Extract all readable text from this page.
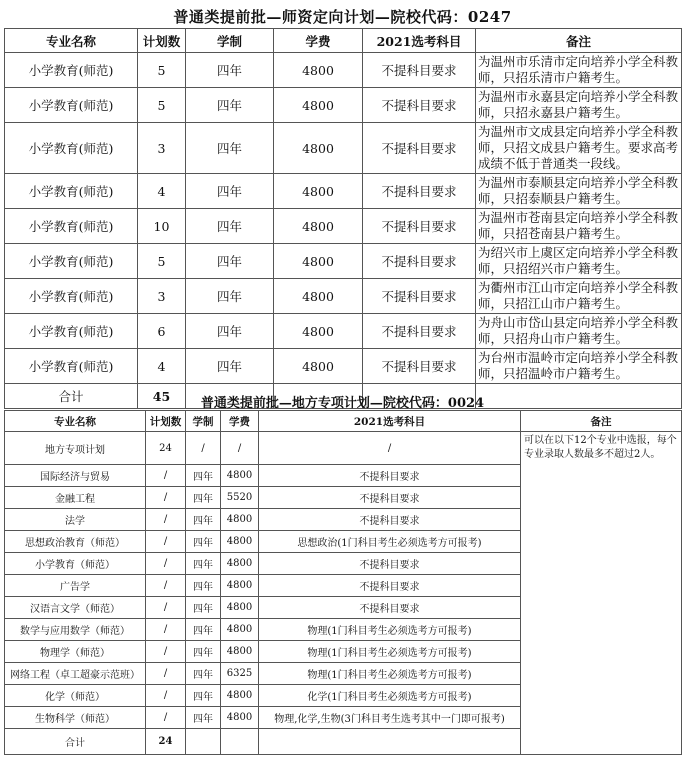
普通类提前批—师资定向计划—院校代码：0247
专业名称	计划数	学制	学费	2021选考科目	备注
小学教育(师范)	5	四年	4800	不提科目要求	为温州市乐清市定向培养小学全科教师，只招乐清市户籍考生。
小学教育(师范)	5	四年	4800	不提科目要求	为温州市永嘉县定向培养小学全科教师，只招永嘉县户籍考生。
小学教育(师范)	3	四年	4800	不提科目要求	为温州市文成县定向培养小学全科教师，只招文成县户籍考生。要求高考成绩不低于普通类一段线。
小学教育(师范)	4	四年	4800	不提科目要求	为温州市泰顺县定向培养小学全科教师，只招泰顺县户籍考生。
小学教育(师范)	10	四年	4800	不提科目要求	为温州市苍南县定向培养小学全科教师，只招苍南县户籍考生。
小学教育(师范)	5	四年	4800	不提科目要求	为绍兴市上虞区定向培养小学全科教师，只招绍兴市户籍考生。
小学教育(师范)	3	四年	4800	不提科目要求	为衢州市江山市定向培养小学全科教师，只招江山市户籍考生。
小学教育(师范)	6	四年	4800	不提科目要求	为舟山市岱山县定向培养小学全科教师，只招舟山市户籍考生。
小学教育(师范)	4	四年	4800	不提科目要求	为台州市温岭市定向培养小学全科教师，只招温岭市户籍考生。
合计	45					普通类提前批—地方专项计划—院校代码：0024
专业名称	计划数	学制	学费	2021选考科目	备注
地方专项计划	24	/	/	/	可以在以下12个专业中选报，每个专业录取人数最多不超过2人。
国际经济与贸易	/	四年	4800	不提科目要求	
金融工程	/	四年	5520	不提科目要求	
法学	/	四年	4800	不提科目要求	
思想政治教育（师范）	/	四年	4800	思想政治(1门科目考生必须选考方可报考)	
小学教育（师范）	/	四年	4800	不提科目要求	
广告学	/	四年	4800	不提科目要求	
汉语言文学（师范）	/	四年	4800	不提科目要求	
数学与应用数学（师范）	/	四年	4800	物理(1门科目考生必须选考方可报考)	
物理学（师范）	/	四年	4800	物理(1门科目考生必须选考方可报考)	
网络工程（卓工超豪示范班）	/	四年	6325	物理(1门科目考生必须选考方可报考)	
化学（师范）	/	四年	4800	化学(1门科目考生必须选考方可报考)	
生物科学（师范）	/	四年	4800	物理,化学,生物(3门科目考生选考其中一门即可报考)	
合计	24				
